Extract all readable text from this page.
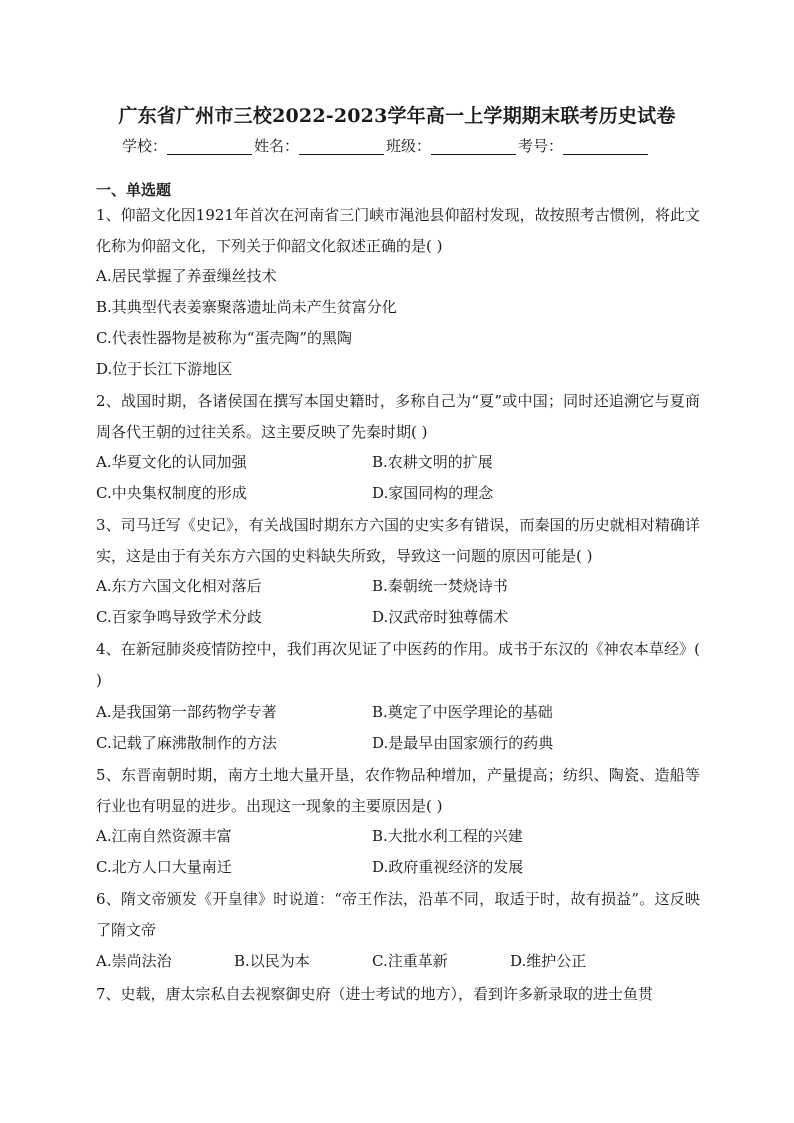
广东省广州市三校2022-2023学年高一上学期期末联考历史试卷
学校：	姓名：	班级：	考号：
一、单选题
1、仰韶文化因1921年首次在河南省三门峡市渑池县仰韶村发现，故按照考古惯例，将此文化称为仰韶文化，下列关于仰韶文化叙述正确的是( )
A.居民掌握了养蚕缫丝技术
B.其典型代表姜寨聚落遗址尚未产生贫富分化
C.代表性器物是被称为“蛋壳陶”的黑陶
D.位于长江下游地区
2、战国时期，各诸侯国在撰写本国史籍时，多称自己为“夏”或中国；同时还追溯它与夏商周各代王朝的过往关系。这主要反映了先秦时期( )
A.华夏文化的认同加强	B.农耕文明的扩展
C.中央集权制度的形成	D.家国同构的理念
3、司马迁写《史记》，有关战国时期东方六国的史实多有错误，而秦国的历史就相对精确详实，这是由于有关东方六国的史料缺失所致，导致这一问题的原因可能是( )
A.东方六国文化相对落后	B.秦朝统一焚烧诗书
C.百家争鸣导致学术分歧	D.汉武帝时独尊儒术
4、在新冠肺炎疫情防控中，我们再次见证了中医药的作用。成书于东汉的《神农本草经》( )
A.是我国第一部药物学专著	B.奠定了中医学理论的基础
C.记载了麻沸散制作的方法	D.是最早由国家颁行的药典
5、东晋南朝时期，南方土地大量开垦，农作物品种增加，产量提高；纺织、陶瓷、造船等行业也有明显的进步。出现这一现象的主要原因是( )
A.江南自然资源丰富	B.大批水利工程的兴建
C.北方人口大量南迁	D.政府重视经济的发展
6、隋文帝颁发《开皇律》时说道：“帝王作法，沿革不同，取适于时，故有损益”。这反映了隋文帝
A.崇尚法治	B.以民为本	C.注重革新	D.维护公正
7、史载，唐太宗私自去视察御史府（进士考试的地方），看到许多新录取的进士鱼贯
